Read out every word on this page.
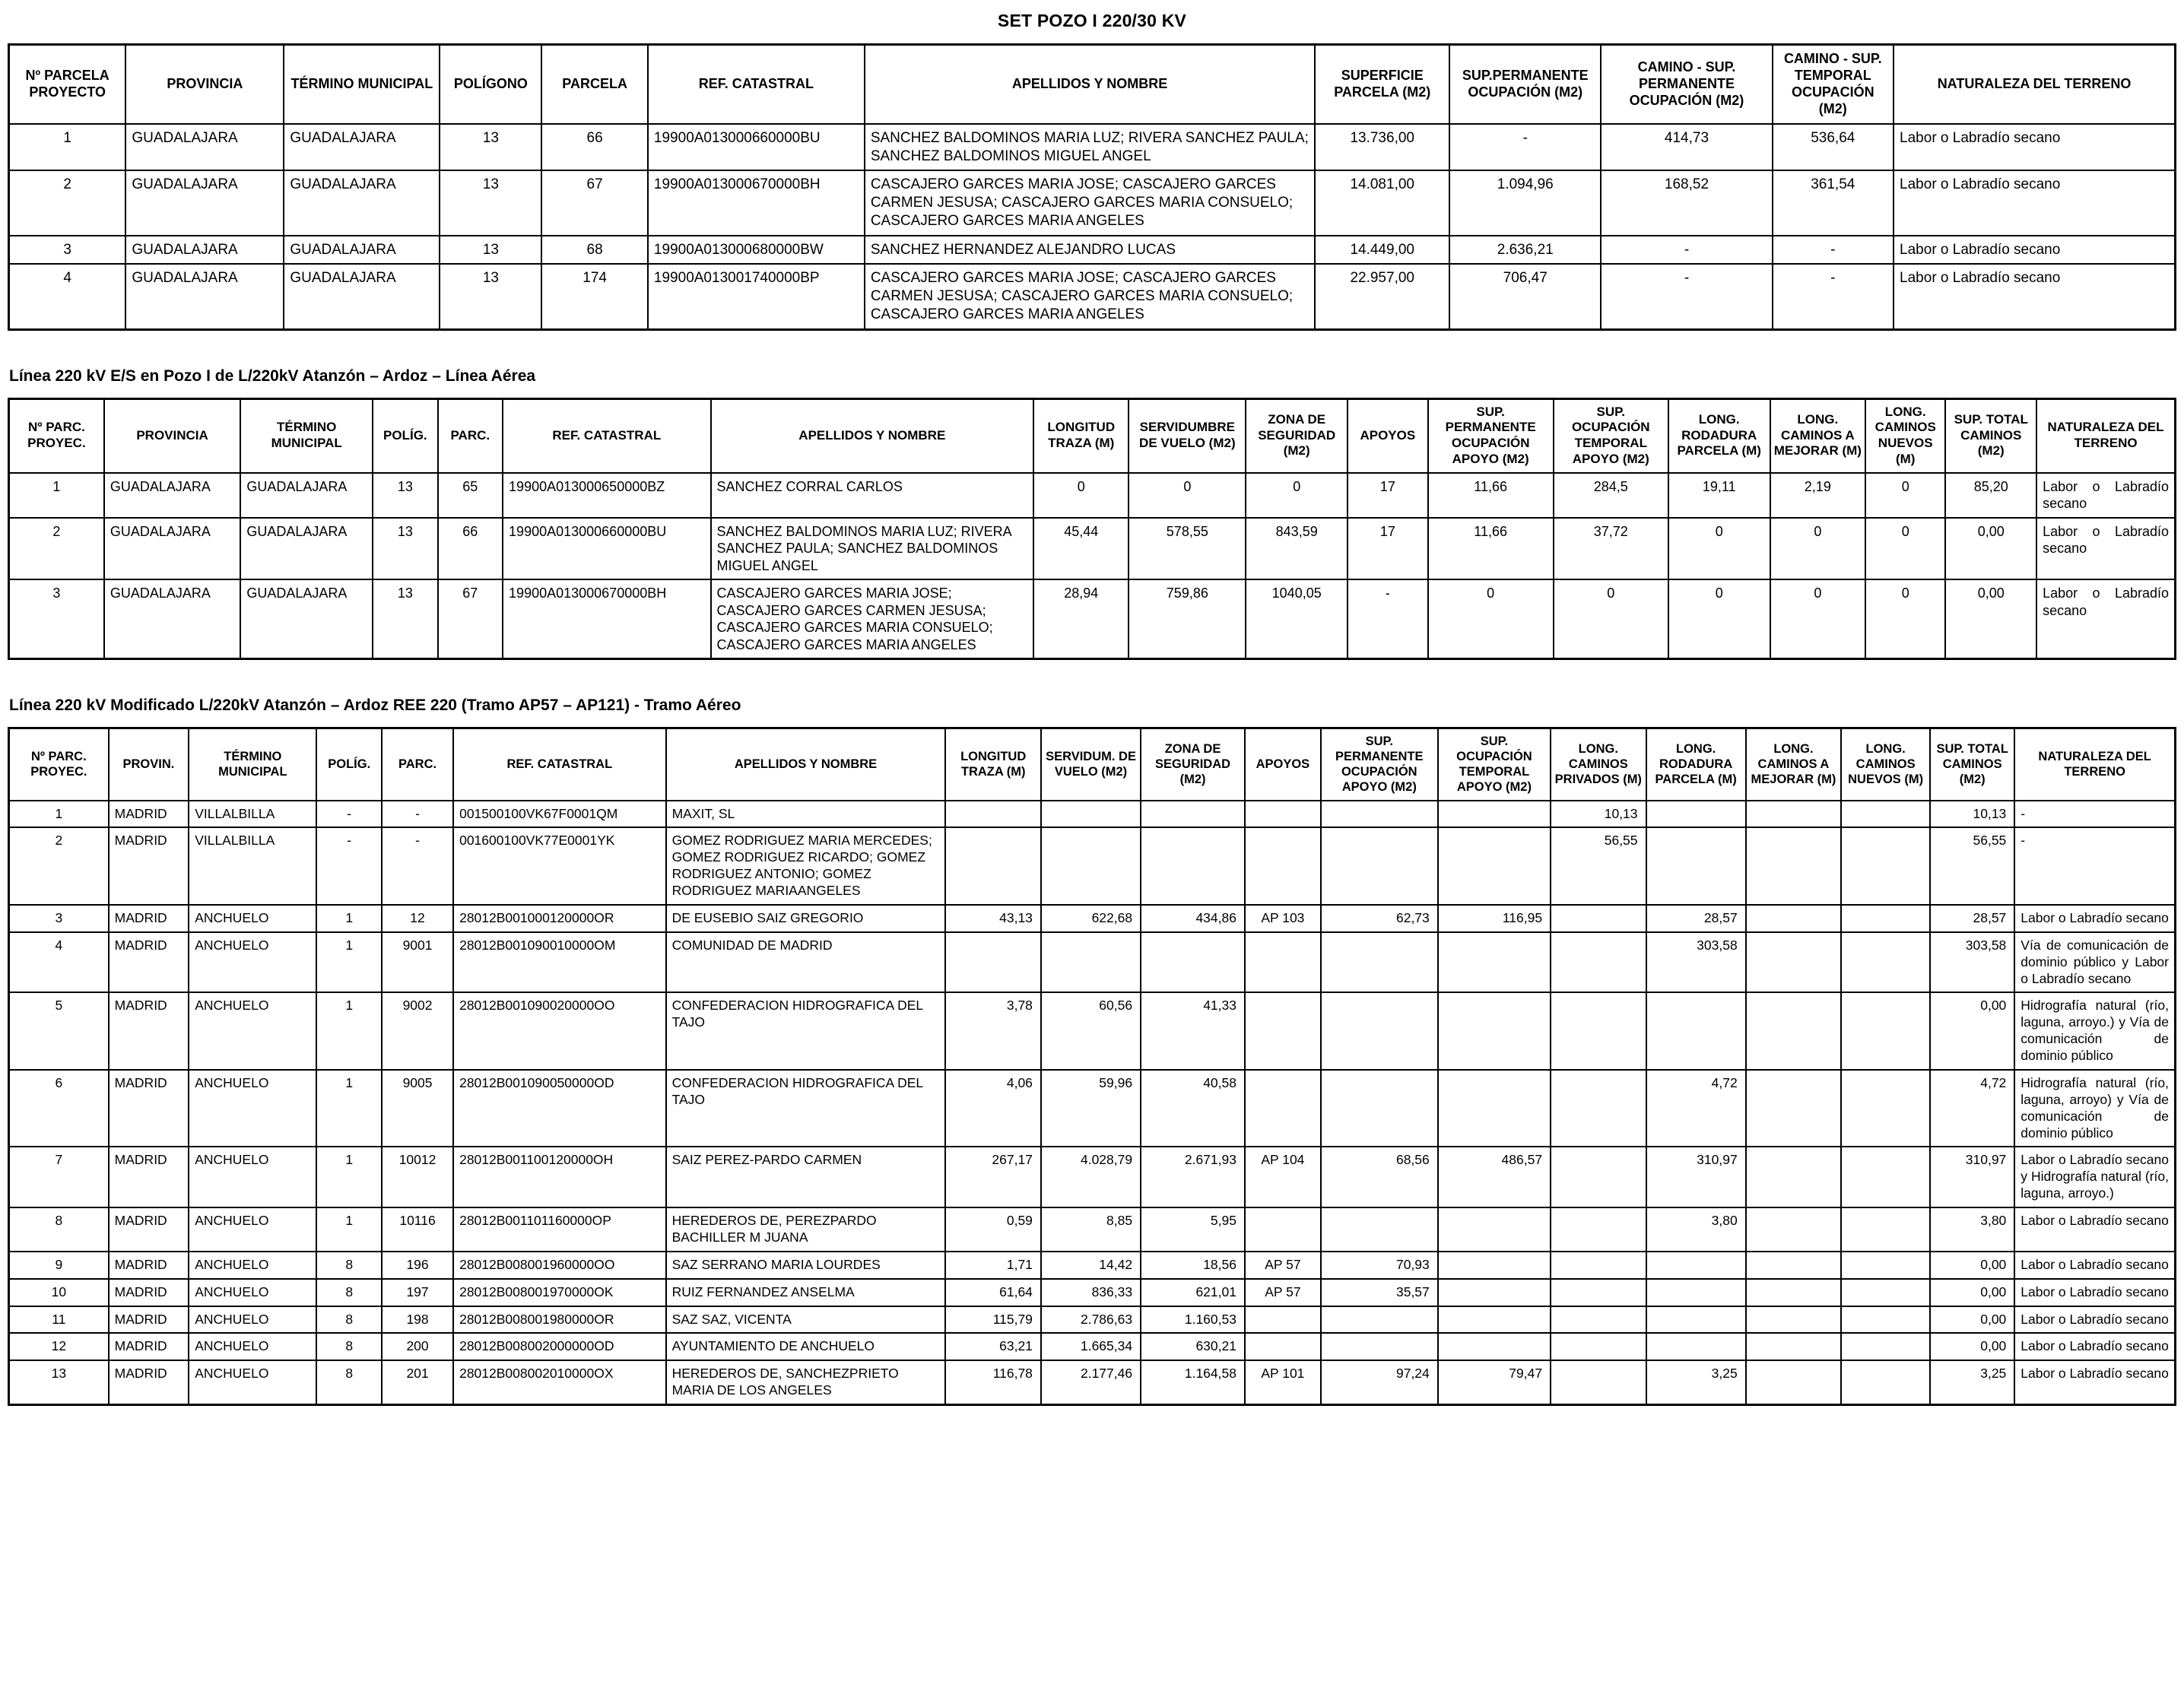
SET POZO I 220/30 KV
Nº PARCELA PROYECTO	PROVINCIA	TÉRMINO MUNICIPAL	POLÍGONO	PARCELA	REF. CATASTRAL	APELLIDOS Y NOMBRE	SUPERFICIE PARCELA (M2)	SUP.PERMANENTE OCUPACIÓN (M2)	CAMINO - SUP. PERMANENTE OCUPACIÓN (M2)	CAMINO - SUP. TEMPORAL OCUPACIÓN (M2)	NATURALEZA DEL TERRENO
1	GUADALAJARA	GUADALAJARA	13	66	19900A013000660000BU	SANCHEZ BALDOMINOS MARIA LUZ; RIVERA SANCHEZ PAULA; SANCHEZ BALDOMINOS MIGUEL ANGEL	13.736,00	-	414,73	536,64	Labor o Labradío secano
2	GUADALAJARA	GUADALAJARA	13	67	19900A013000670000BH	CASCAJERO GARCES MARIA JOSE; CASCAJERO GARCES CARMEN JESUSA; CASCAJERO GARCES MARIA CONSUELO; CASCAJERO GARCES MARIA ANGELES	14.081,00	1.094,96	168,52	361,54	Labor o Labradío secano
3	GUADALAJARA	GUADALAJARA	13	68	19900A013000680000BW	SANCHEZ HERNANDEZ ALEJANDRO LUCAS	14.449,00	2.636,21	-	-	Labor o Labradío secano
4	GUADALAJARA	GUADALAJARA	13	174	19900A013001740000BP	CASCAJERO GARCES MARIA JOSE; CASCAJERO GARCES CARMEN JESUSA; CASCAJERO GARCES MARIA CONSUELO; CASCAJERO GARCES MARIA ANGELES	22.957,00	706,47	-	-	Labor o Labradío secano
Línea 220 kV E/S en Pozo I de L/220kV Atanzón – Ardoz – Línea Aérea
Nº PARC. PROYEC.	PROVINCIA	TÉRMINO MUNICIPAL	POLÍG.	PARC.	REF. CATASTRAL	APELLIDOS Y NOMBRE	LONGITUD TRAZA (M)	SERVIDUMBRE DE VUELO (M2)	ZONA DE SEGURIDAD (M2)	APOYOS	SUP. PERMANENTE OCUPACIÓN APOYO (M2)	SUP. OCUPACIÓN TEMPORAL APOYO (M2)	LONG. RODADURA PARCELA (M)	LONG. CAMINOS A MEJORAR (M)	LONG. CAMINOS NUEVOS (M)	SUP. TOTAL CAMINOS (M2)	NATURALEZA DEL TERRENO
1	GUADALAJARA	GUADALAJARA	13	65	19900A013000650000BZ	SANCHEZ CORRAL CARLOS	0	0	0	17	11,66	284,5	19,11	2,19	0	85,20	Labor o Labradío secano
2	GUADALAJARA	GUADALAJARA	13	66	19900A013000660000BU	SANCHEZ BALDOMINOS MARIA LUZ; RIVERA SANCHEZ PAULA; SANCHEZ BALDOMINOS MIGUEL ANGEL	45,44	578,55	843,59	17	11,66	37,72	0	0	0	0,00	Labor o Labradío secano
3	GUADALAJARA	GUADALAJARA	13	67	19900A013000670000BH	CASCAJERO GARCES MARIA JOSE; CASCAJERO GARCES CARMEN JESUSA; CASCAJERO GARCES MARIA CONSUELO; CASCAJERO GARCES MARIA ANGELES	28,94	759,86	1040,05	-	0	0	0	0	0	0,00	Labor o Labradío secano
Línea 220 kV Modificado L/220kV Atanzón – Ardoz REE 220 (Tramo AP57 – AP121) - Tramo Aéreo
Nº PARC. PROYEC.	PROVIN.	TÉRMINO MUNICIPAL	POLÍG.	PARC.	REF. CATASTRAL	APELLIDOS Y NOMBRE	LONGITUD TRAZA (M)	SERVIDUM. DE VUELO (M2)	ZONA DE SEGURIDAD (M2)	APOYOS	SUP. PERMANENTE OCUPACIÓN APOYO (M2)	SUP. OCUPACIÓN TEMPORAL APOYO (M2)	LONG. CAMINOS PRIVADOS (M)	LONG. RODADURA PARCELA (M)	LONG. CAMINOS A MEJORAR (M)	LONG. CAMINOS NUEVOS (M)	SUP. TOTAL CAMINOS (M2)	NATURALEZA DEL TERRENO
1	MADRID	VILLALBILLA	-	-	001500100VK67F0001QM	MAXIT, SL							10,13				10,13	-
2	MADRID	VILLALBILLA	-	-	001600100VK77E0001YK	GOMEZ RODRIGUEZ MARIA MERCEDES; GOMEZ RODRIGUEZ RICARDO; GOMEZ RODRIGUEZ ANTONIO; GOMEZ RODRIGUEZ MARIAANGELES							56,55				56,55	-
3	MADRID	ANCHUELO	1	12	28012B001000120000OR	DE EUSEBIO SAIZ GREGORIO	43,13	622,68	434,86	AP 103	62,73	116,95		28,57			28,57	Labor o Labradío secano
4	MADRID	ANCHUELO	1	9001	28012B001090010000OM	COMUNIDAD DE MADRID								303,58			303,58	Vía de comunicación de dominio público y Labor o Labradío secano
5	MADRID	ANCHUELO	1	9002	28012B001090020000OO	CONFEDERACION HIDROGRAFICA DEL TAJO	3,78	60,56	41,33								0,00	Hidrografía natural (río, laguna, arroyo.) y Vía de comunicación de dominio público
6	MADRID	ANCHUELO	1	9005	28012B001090050000OD	CONFEDERACION HIDROGRAFICA DEL TAJO	4,06	59,96	40,58					4,72			4,72	Hidrografía natural (río, laguna, arroyo) y Vía de comunicación de dominio público
7	MADRID	ANCHUELO	1	10012	28012B001100120000OH	SAIZ PEREZ-PARDO CARMEN	267,17	4.028,79	2.671,93	AP 104	68,56	486,57		310,97			310,97	Labor o Labradío secano y Hidrografía natural (río, laguna, arroyo.)
8	MADRID	ANCHUELO	1	10116	28012B001101160000OP	HEREDEROS DE, PEREZPARDO BACHILLER M JUANA	0,59	8,85	5,95					3,80			3,80	Labor o Labradío secano
9	MADRID	ANCHUELO	8	196	28012B008001960000OO	SAZ SERRANO MARIA LOURDES	1,71	14,42	18,56	AP 57	70,93						0,00	Labor o Labradío secano
10	MADRID	ANCHUELO	8	197	28012B008001970000OK	RUIZ FERNANDEZ ANSELMA	61,64	836,33	621,01	AP 57	35,57						0,00	Labor o Labradío secano
11	MADRID	ANCHUELO	8	198	28012B008001980000OR	SAZ SAZ, VICENTA	115,79	2.786,63	1.160,53								0,00	Labor o Labradío secano
12	MADRID	ANCHUELO	8	200	28012B008002000000OD	AYUNTAMIENTO DE ANCHUELO	63,21	1.665,34	630,21								0,00	Labor o Labradío secano
13	MADRID	ANCHUELO	8	201	28012B008002010000OX	HEREDEROS DE, SANCHEZPRIETO MARIA DE LOS ANGELES	116,78	2.177,46	1.164,58	AP 101	97,24	79,47		3,25			3,25	Labor o Labradío secano
